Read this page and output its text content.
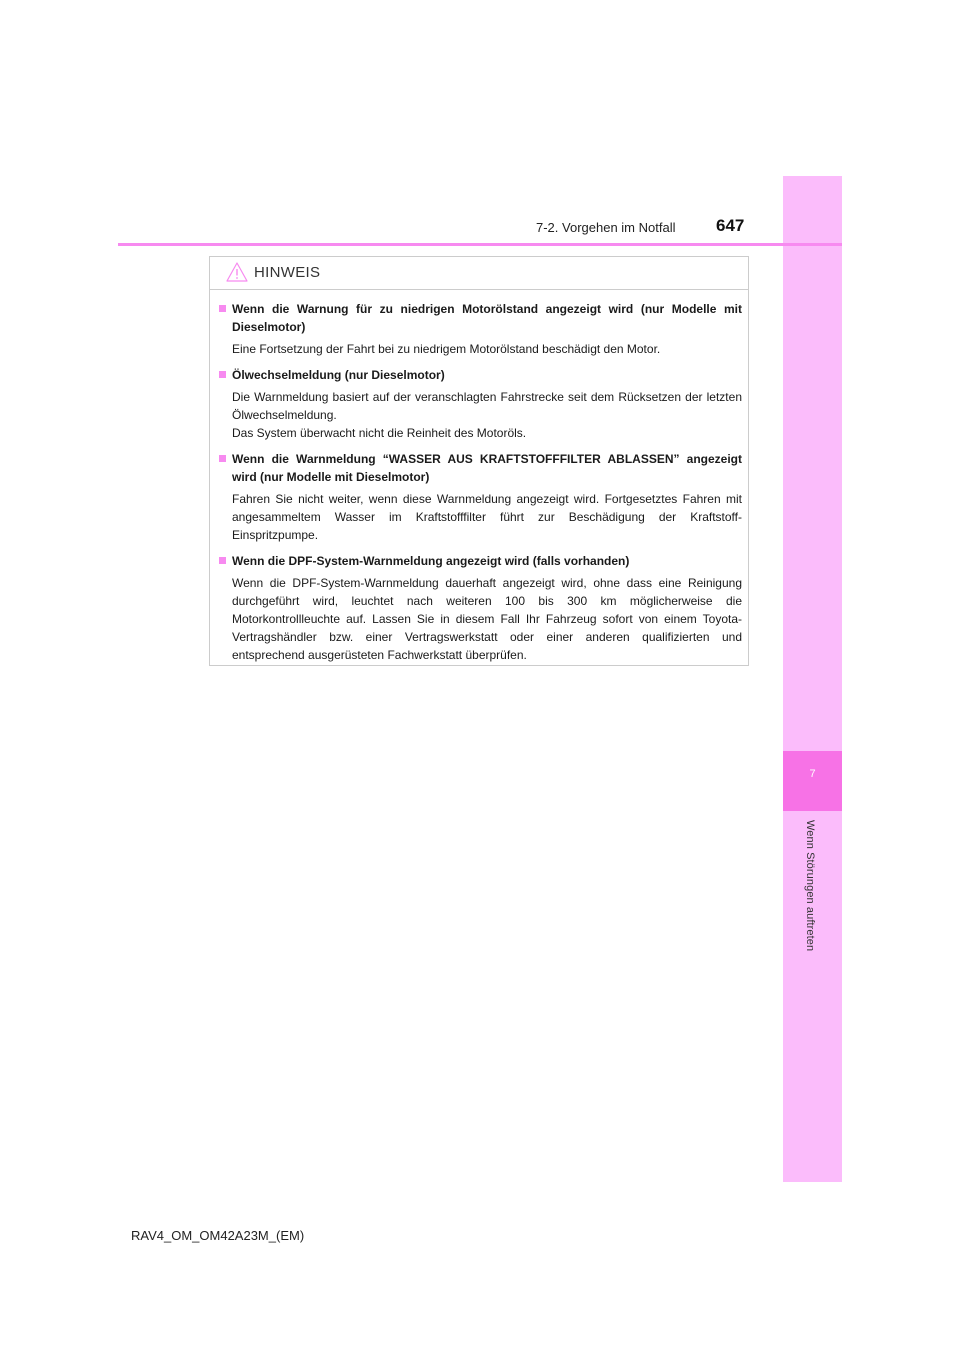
7
Wenn Störungen auftreten
7-2. Vorgehen im Notfall 647
HINWEIS
Wenn die Warnung für zu niedrigen Motorölstand angezeigt wird (nur Modelle mit Dieselmotor)
Eine Fortsetzung der Fahrt bei zu niedrigem Motorölstand beschädigt den Motor.
Ölwechselmeldung (nur Dieselmotor)
Die Warnmeldung basiert auf der veranschlagten Fahrstrecke seit dem Rücksetzen der letzten Ölwechselmeldung.
Das System überwacht nicht die Reinheit des Motoröls.
Wenn die Warnmeldung “WASSER AUS KRAFTSTOFFFILTER ABLASSEN” angezeigt wird (nur Modelle mit Dieselmotor)
Fahren Sie nicht weiter, wenn diese Warnmeldung angezeigt wird. Fortgesetztes Fahren mit angesammeltem Wasser im Kraftstofffilter führt zur Beschädigung der Kraftstoff-Einspritzpumpe.
Wenn die DPF-System-Warnmeldung angezeigt wird (falls vorhanden)
Wenn die DPF-System-Warnmeldung dauerhaft angezeigt wird, ohne dass eine Reinigung durchgeführt wird, leuchtet nach weiteren 100 bis 300 km möglicherweise die Motorkontrollleuchte auf. Lassen Sie in diesem Fall Ihr Fahrzeug sofort von einem Toyota-Vertragshändler bzw. einer Vertragswerkstatt oder einer anderen qualifizierten und entsprechend ausgerüsteten Fachwerkstatt überprüfen.
RAV4_OM_OM42A23M_(EM)
